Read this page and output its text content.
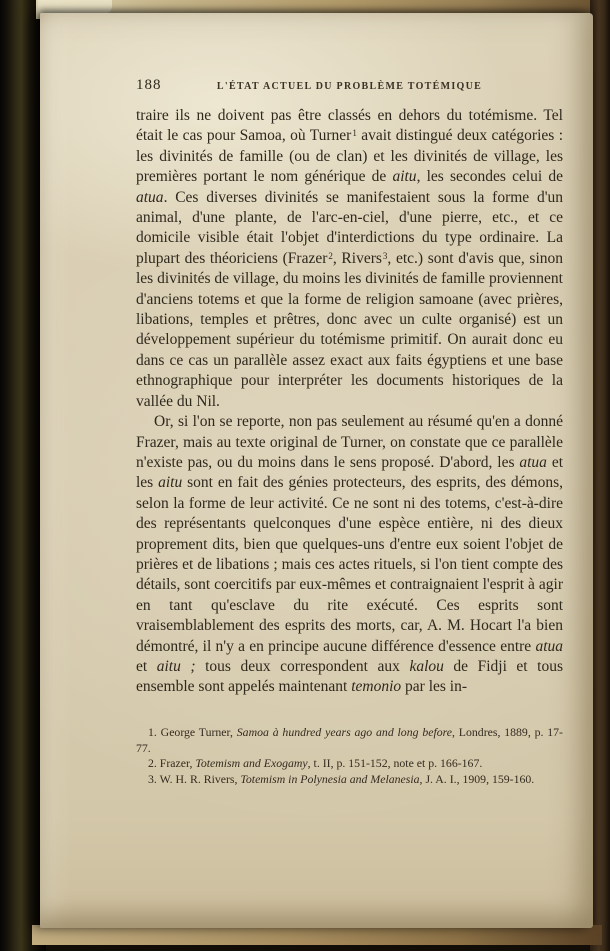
188	L'ÉTAT ACTUEL DU PROBLÈME TOTÉMIQUE

traire ils ne doivent pas être classés en dehors du totémisme. Tel était le cas pour Samoa, où Turner$^1$ avait distingué deux catégories : les divinités de famille (ou de clan) et les divinités de village, les premières portant le nom générique de aitu, les secondes celui de atua. Ces diverses divinités se manifestaient sous la forme d'un animal, d'une plante, de l'arc-en-ciel, d'une pierre, etc., et ce domicile visible était l'objet d'interdictions du type ordinaire. La plupart des théoriciens (Frazer$^2$, Rivers$^3$, etc.) sont d'avis que, sinon les divinités de village, du moins les divinités de famille proviennent d'anciens totems et que la forme de religion samoane (avec prières, libations, temples et prêtres, donc avec un culte organisé) est un développement supérieur du totémisme primitif. On aurait donc eu dans ce cas un parallèle assez exact aux faits égyptiens et une base ethnographique pour interpréter les documents historiques de la vallée du Nil.

Or, si l'on se reporte, non pas seulement au résumé qu'en a donné Frazer, mais au texte original de Turner, on constate que ce parallèle n'existe pas, ou du moins dans le sens proposé. D'abord, les atua et les aitu sont en fait des génies protecteurs, des esprits, des démons, selon la forme de leur activité. Ce ne sont ni des totems, c'est-à-dire des représentants quelconques d'une espèce entière, ni des dieux proprement dits, bien que quelques-uns d'entre eux soient l'objet de prières et de libations ; mais ces actes rituels, si l'on tient compte des détails, sont coercitifs par eux-mêmes et contraignaient l'esprit à agir en tant qu'esclave du rite exécuté. Ces esprits sont vraisemblablement des esprits des morts, car, A. M. Hocart l'a bien démontré, il n'y a en principe aucune différence d'essence entre atua et aitu ; tous deux correspondent aux kalou de Fidji et tous ensemble sont appelés maintenant temonio par les in-

1. George Turner, Samoa à hundred years ago and long before, Londres, 1889, p. 17-77.

2. Frazer, Totemism and Exogamy, t. II, p. 151-152, note et p. 166-167.

3. W. H. R. Rivers, Totemism in Polynesia and Melanesia, J. A. I., 1909, 159-160.
